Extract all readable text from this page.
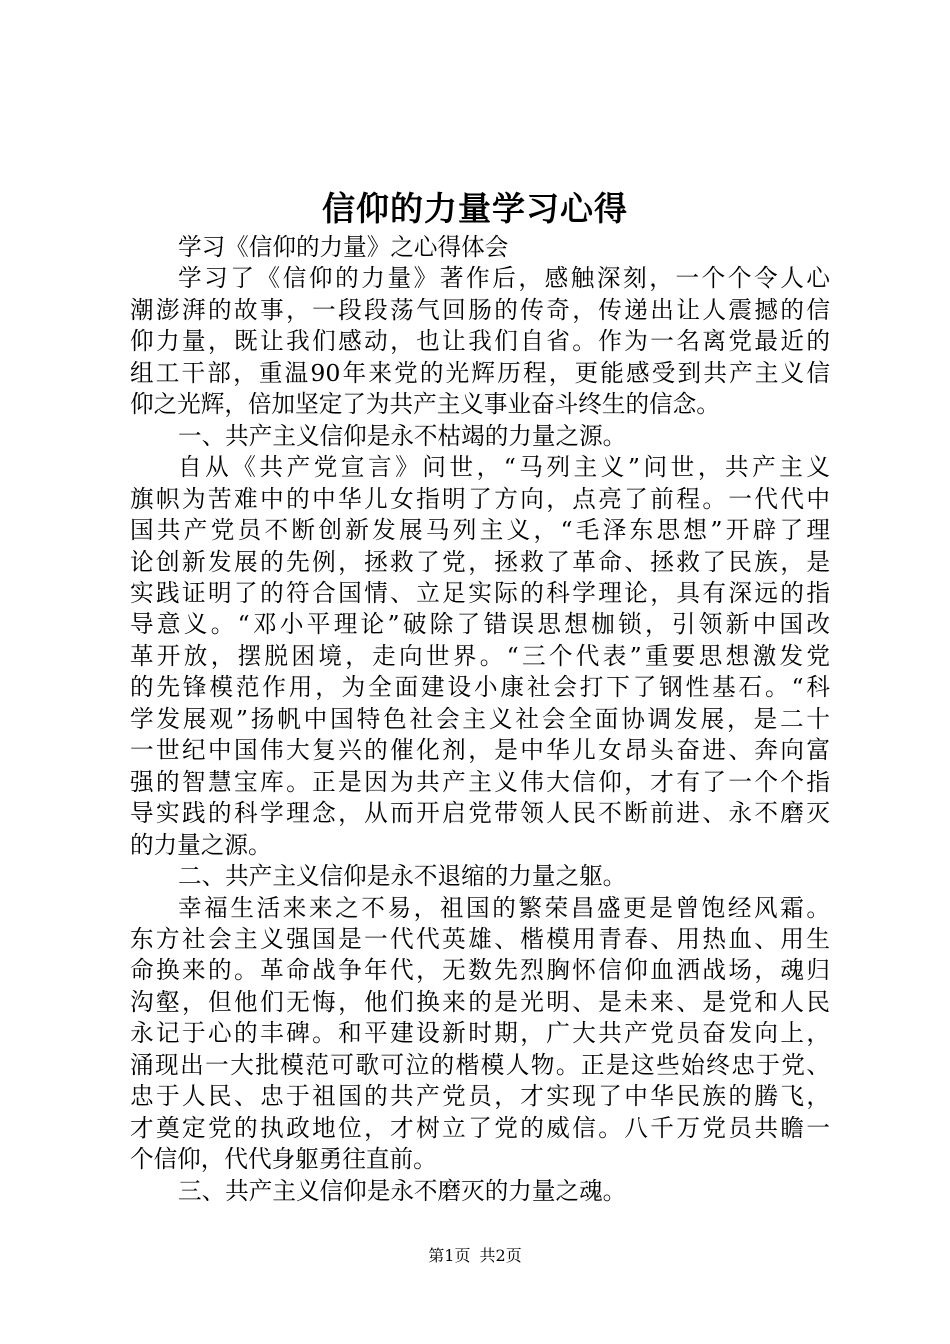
信仰的力量学习心得
学习《信仰的力量》之心得体会
学习了《信仰的力量》著作后，感触深刻，一个个令人心
潮澎湃的故事，一段段荡气回肠的传奇，传递出让人震撼的信
仰力量，既让我们感动，也让我们自省。作为一名离党最近的
组工干部，重温90年来党的光辉历程，更能感受到共产主义信
仰之光辉，倍加坚定了为共产主义事业奋斗终生的信念。
一、共产主义信仰是永不枯竭的力量之源。
自从《共产党宣言》问世，“马列主义”问世，共产主义
旗帜为苦难中的中华儿女指明了方向，点亮了前程。一代代中
国共产党员不断创新发展马列主义，“毛泽东思想”开辟了理
论创新发展的先例，拯救了党，拯救了革命、拯救了民族，是
实践证明了的符合国情、立足实际的科学理论，具有深远的指
导意义。“邓小平理论”破除了错误思想枷锁，引领新中国改
革开放，摆脱困境，走向世界。“三个代表”重要思想激发党
的先锋模范作用，为全面建设小康社会打下了钢性基石。“科
学发展观”扬帆中国特色社会主义社会全面协调发展，是二十
一世纪中国伟大复兴的催化剂，是中华儿女昂头奋进、奔向富
强的智慧宝库。正是因为共产主义伟大信仰，才有了一个个指
导实践的科学理念，从而开启党带领人民不断前进、永不磨灭
的力量之源。
二、共产主义信仰是永不退缩的力量之躯。
幸福生活来来之不易，祖国的繁荣昌盛更是曾饱经风霜。
东方社会主义强国是一代代英雄、楷模用青春、用热血、用生
命换来的。革命战争年代，无数先烈胸怀信仰血洒战场，魂归
沟壑，但他们无悔，他们换来的是光明、是未来、是党和人民
永记于心的丰碑。和平建设新时期，广大共产党员奋发向上，
涌现出一大批模范可歌可泣的楷模人物。正是这些始终忠于党、
忠于人民、忠于祖国的共产党员，才实现了中华民族的腾飞，
才奠定党的执政地位，才树立了党的威信。八千万党员共瞻一
个信仰，代代身躯勇往直前。
三、共产主义信仰是永不磨灭的力量之魂。
第1页 共2页
